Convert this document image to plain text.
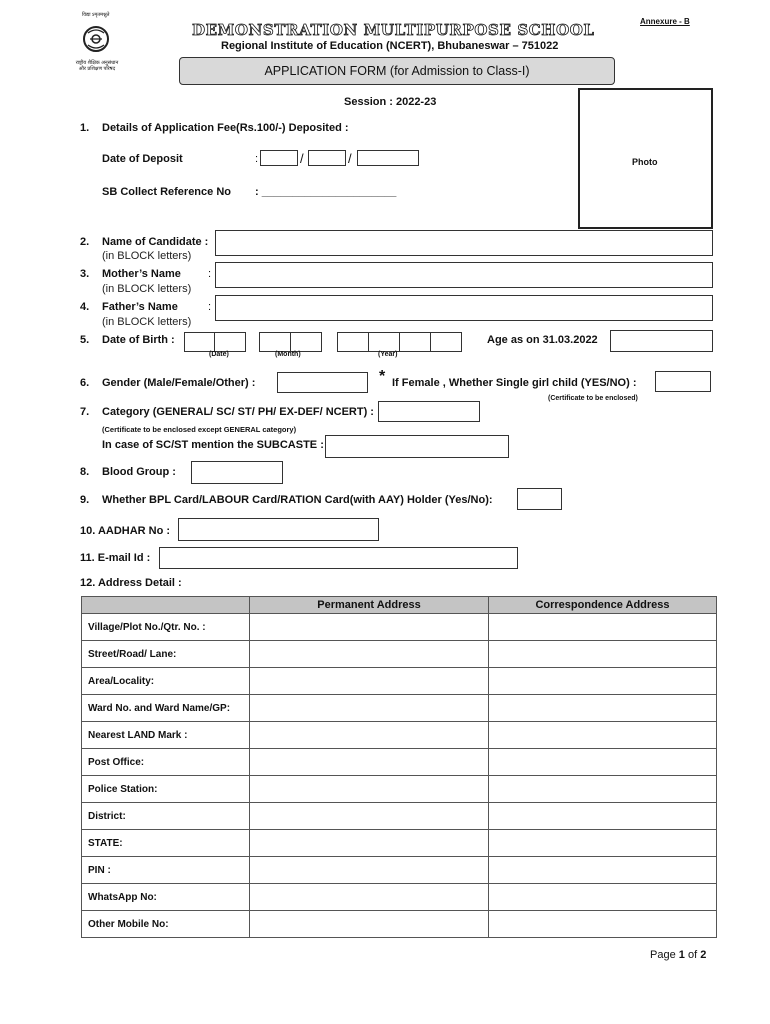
विद्या ऽमृतमश्नुते
राष्ट्रीय शैक्षिक अनुसंधान और प्रशिक्षण परिषद
DEMONSTRATION MULTIPURPOSE SCHOOL
Regional Institute of Education (NCERT), Bhubaneswar – 751022
Annexure - B
APPLICATION FORM (for Admission to Class-I)
Session : 2022-23
Photo
1. Details of Application Fee(Rs.100/-) Deposited :
Date of Deposit	:	/	/
SB Collect Reference No : ______________________
2. Name of Candidate :
(in BLOCK letters)
3. Mother’s Name :
(in BLOCK letters)
4. Father’s Name	:
(in BLOCK letters)
5. Date of Birth :
(Date)	(Month)	(Year)
Age as on 31.03.2022
6. Gender (Male/Female/Other) :	* If Female , Whether Single girl child (YES/NO) :
(Certificate to be enclosed)
7. Category (GENERAL/ SC/ ST/ PH/ EX-DEF/ NCERT) :
(Certificate to be enclosed except GENERAL category)
In case of SC/ST mention the SUBCASTE :
8. Blood Group :
9. Whether BPL Card/LABOUR Card/RATION Card(with AAY) Holder (Yes/No):
10. AADHAR No :
11. E-mail Id :
12. Address Detail :
	Permanent Address	Correspondence Address
Village/Plot No./Qtr. No. :		
Street/Road/ Lane:		
Area/Locality:		
Ward No. and Ward Name/GP:		
Nearest LAND Mark :		
Post Office:		
Police Station:		
District:		
STATE:		
PIN :		
WhatsApp No:		
Other Mobile No:		
Page 1 of 2
